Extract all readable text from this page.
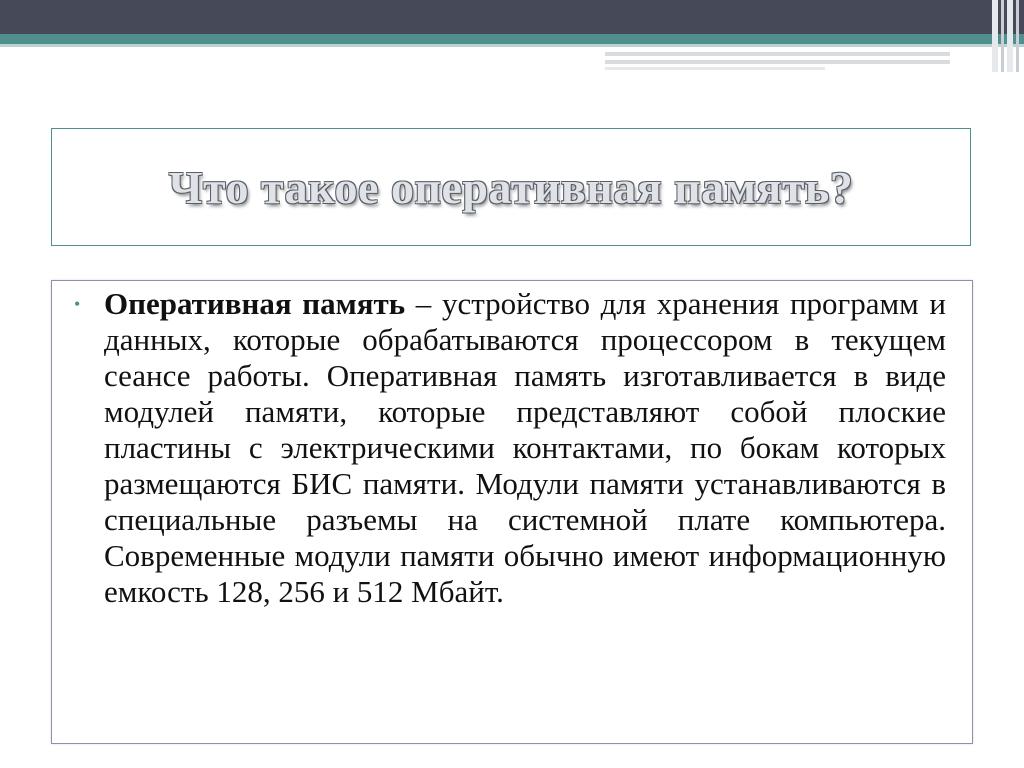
Что такое оперативная память?
• Оперативная память – устройство для хранения программ и данных, которые обрабатываются процессором в текущем сеансе работы. Оперативная память изготавливается в виде модулей памяти, которые представляют собой плоские пластины с электрическими контактами, по бокам которых размещаются БИС памяти. Модули памяти устанавливаются в специальные разъемы на системной плате компьютера. Современные модули памяти обычно имеют информационную емкость 128, 256 и 512 Мбайт.
